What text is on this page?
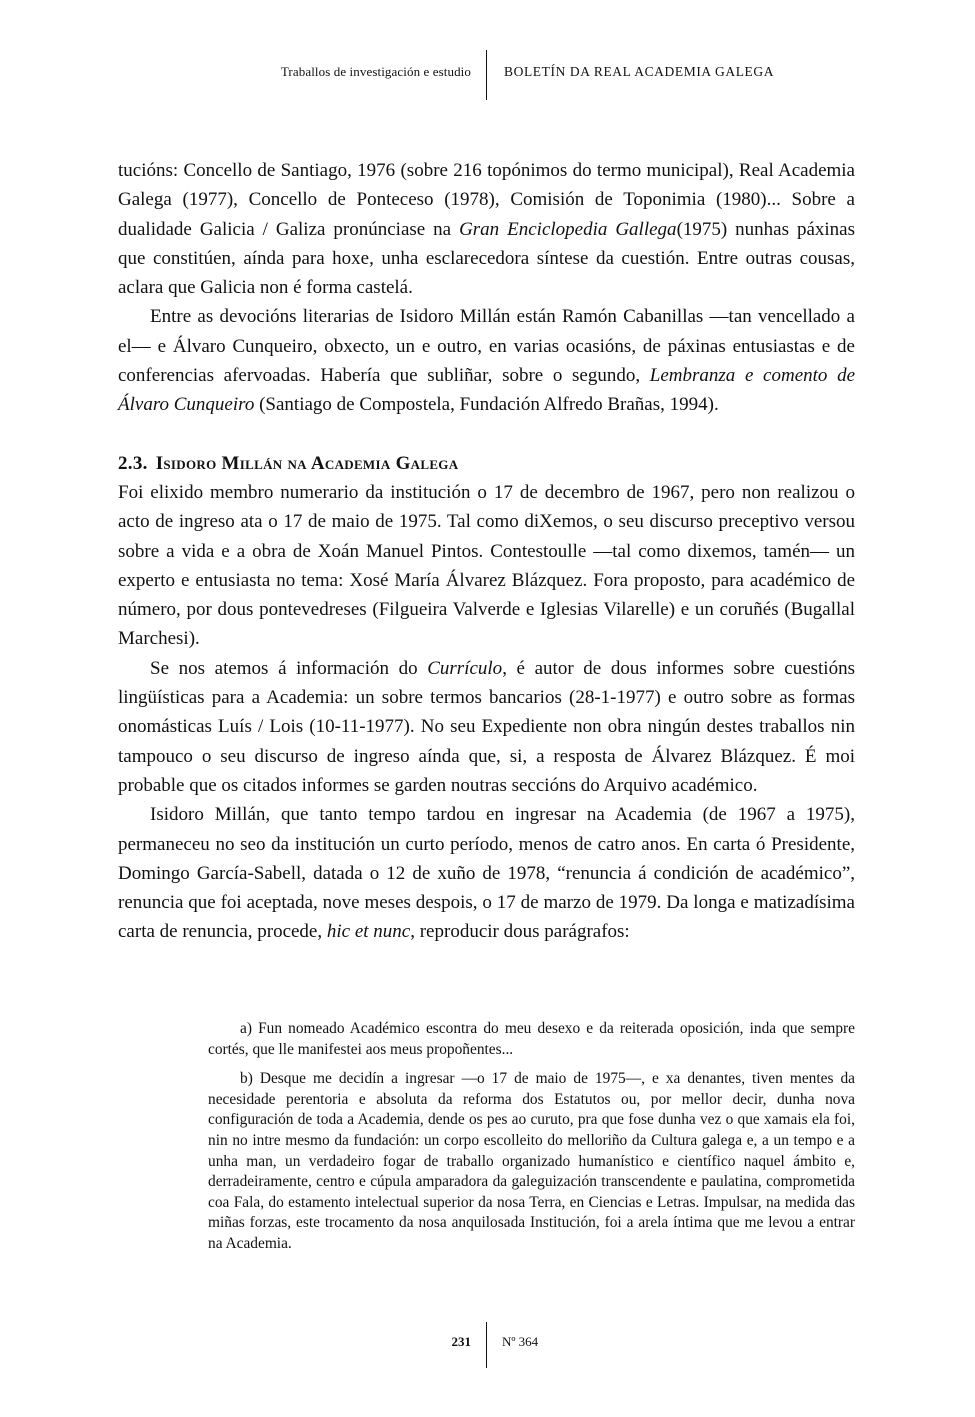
Traballos de investigación e estudio BOLETÍN DA REAL ACADEMIA GALEGA

tucións: Concello de Santiago, 1976 (sobre 216 topónimos do termo municipal), Real Academia Galega (1977), Concello de Ponteceso (1978), Comisión de Toponimia (1980)... Sobre a dualidade Galicia / Galiza pronúnciase na Gran Enciclopedia Gallega(1975) nunhas páxinas que constitúen, aínda para hoxe, unha esclarecedora síntese da cuestión. Entre outras cousas, aclara que Galicia non é forma castelá.

Entre as devocións literarias de Isidoro Millán están Ramón Cabanillas —tan vencellado a el— e Álvaro Cunqueiro, obxecto, un e outro, en varias ocasións, de páxinas entusiastas e de conferencias afervoadas. Habería que subliñar, sobre o segundo, Lembranza e comento de Álvaro Cunqueiro (Santiago de Compostela, Fundación Alfredo Brañas, 1994).

2.3. Isidoro Millán na Academia Galega

Foi elixido membro numerario da institución o 17 de decembro de 1967, pero non realizou o acto de ingreso ata o 17 de maio de 1975. Tal como diXemos, o seu discurso preceptivo versou sobre a vida e a obra de Xoán Manuel Pintos. Contestoulle —tal como dixemos, tamén— un experto e entusiasta no tema: Xosé María Álvarez Blázquez. Fora proposto, para académico de número, por dous pontevedreses (Filgueira Valverde e Iglesias Vilarelle) e un coruñés (Bugallal Marchesi).

Se nos atemos á información do Currículo, é autor de dous informes sobre cuestións lingüísticas para a Academia: un sobre termos bancarios (28-1-1977) e outro sobre as formas onomásticas Luís / Lois (10-11-1977). No seu Expediente non obra ningún destes traballos nin tampouco o seu discurso de ingreso aínda que, si, a resposta de Álvarez Blázquez. É moi probable que os citados informes se garden noutras seccións do Arquivo académico.

Isidoro Millán, que tanto tempo tardou en ingresar na Academia (de 1967 a 1975), permaneceu no seo da institución un curto período, menos de catro anos. En carta ó Presidente, Domingo García-Sabell, datada o 12 de xuño de 1978, “renuncia á condición de académico”, renuncia que foi aceptada, nove meses despois, o 17 de marzo de 1979. Da longa e matizadísima carta de renuncia, procede, hic et nunc, reproducir dous parágrafos:

a) Fun nomeado Académico escontra do meu desexo e da reiterada oposición, inda que sempre cortés, que lle manifestei aos meus propoñentes...

b) Desque me decidín a ingresar —o 17 de maio de 1975—, e xa denantes, tiven mentes da necesidade perentoria e absoluta da reforma dos Estatutos ou, por mellor decir, dunha nova configuración de toda a Academia, dende os pes ao curuto, pra que fose dunha vez o que xamais ela foi, nin no intre mesmo da fundación: un corpo escolleito do melloriño da Cultura galega e, a un tempo e a unha man, un verdadeiro fogar de traballo organizado humanístico e científico naquel ámbito e, derradeiramente, centro e cúpula amparadora da galeguización transcendente e paulatina, comprometida coa Fala, do estamento intelectual superior da nosa Terra, en Ciencias e Letras. Impulsar, na medida das miñas forzas, este trocamento da nosa anquilosada Institución, foi a arela íntima que me levou a entrar na Academia.

231 Nº 364
